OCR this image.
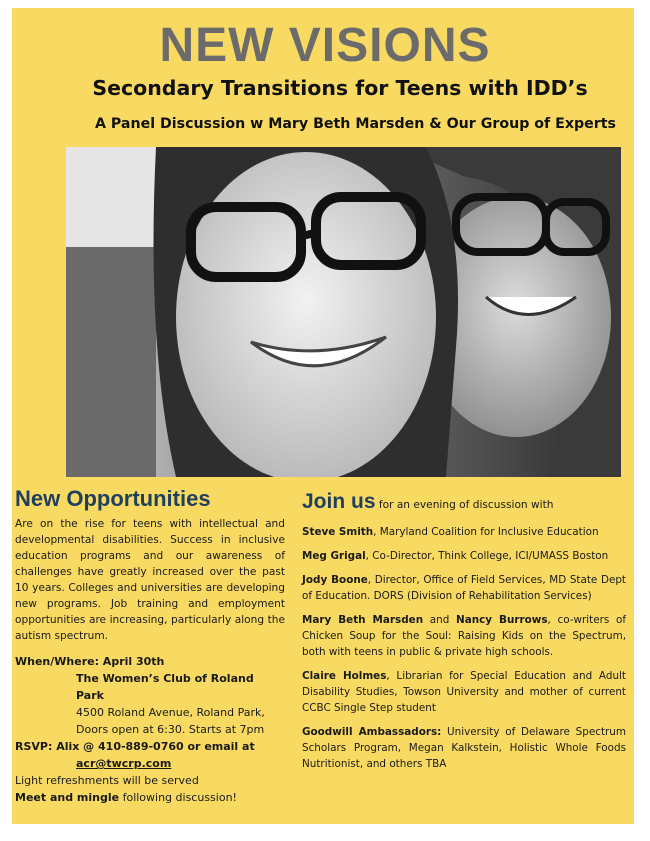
NEW VISIONS
Secondary Transitions for Teens with IDD’s
A Panel Discussion w Mary Beth Marsden & Our Group of Experts
New Opportunities

Are on the rise for teens with intellectual and developmental disabilities. Success in inclusive education programs and our awareness of challenges have greatly increased over the past 10 years. Colleges and universities are developing new programs. Job training and employment opportunities are increasing, particularly along the autism spectrum.

When/Where: April 30th
The Women’s Club of Roland Park
4500 Roland Avenue, Roland Park,
Doors open at 6:30. Starts at 7pm
RSVP: Alix @ 410-889-0760 or email at
acr@twcrp.com
Light refreshments will be served
Meet and mingle following discussion!

Join us for an evening of discussion with

Steve Smith, Maryland Coalition for Inclusive Education

Meg Grigal, Co-Director, Think College, ICI/UMASS Boston

Jody Boone, Director, Office of Field Services, MD State Dept of Education. DORS (Division of Rehabilitation Services)

Mary Beth Marsden and Nancy Burrows, co-writers of Chicken Soup for the Soul: Raising Kids on the Spectrum, both with teens in public & private high schools.

Claire Holmes, Librarian for Special Education and Adult Disability Studies, Towson University and mother of current CCBC Single Step student

Goodwill Ambassadors: University of Delaware Spectrum Scholars Program, Megan Kalkstein, Holistic Whole Foods Nutritionist, and others TBA
